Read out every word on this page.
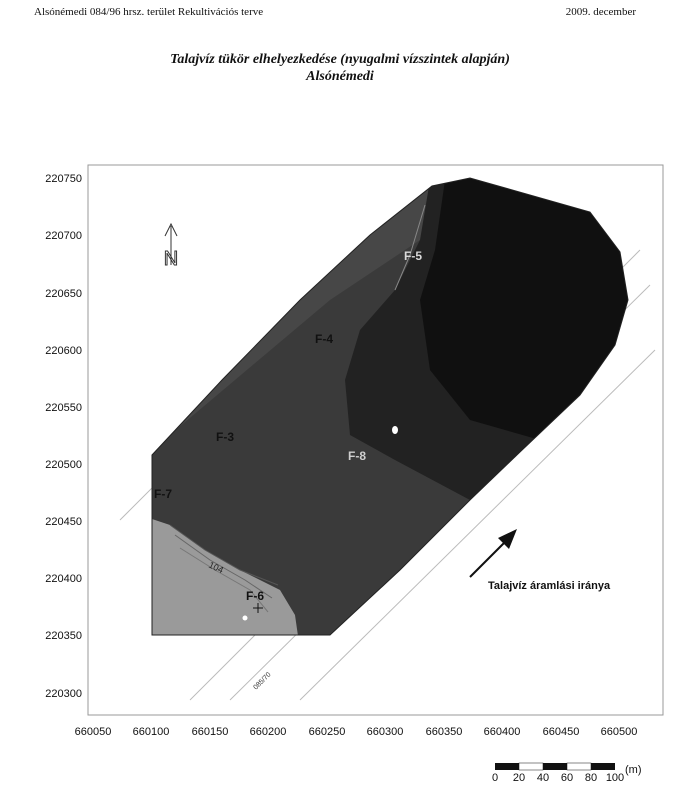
Alsónémedi 084/96 hrsz. terület Rekultivációs terve	2009. december
Talajvíz tükör elhelyezkedése (nyugalmi vízszintek alapján)
Alsónémedi
220750
220700
220650
220600
220550
220500
220450
220400
220350
220300
660050 660100 660150 660200 660250 660300 660350 660400 660450 660500
F-5
F-4
F-3
F-8
F-7
F-6
104
085/70
N
Talajvíz áramlási iránya
0 20 40 60 80 100
(m)
